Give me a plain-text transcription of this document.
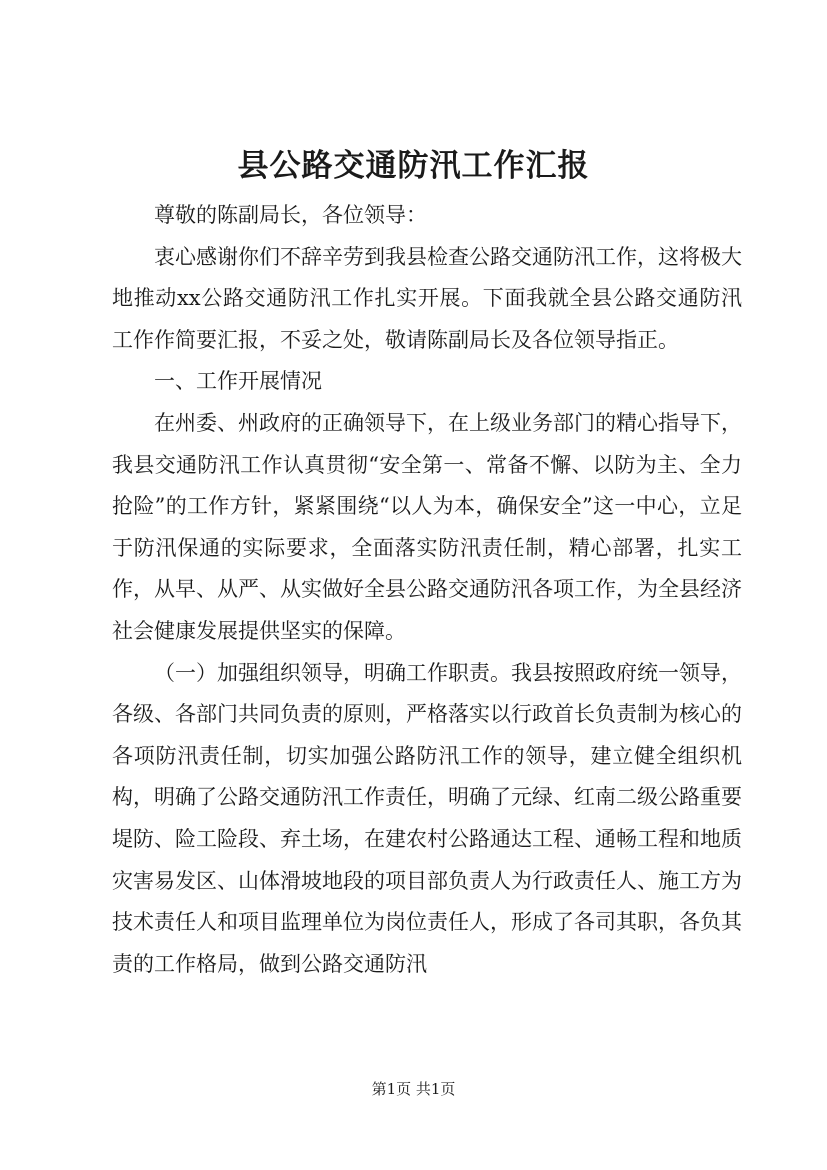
县公路交通防汛工作汇报

尊敬的陈副局长，各位领导：

衷心感谢你们不辞辛劳到我县检查公路交通防汛工作，这将极大地推动xx公路交通防汛工作扎实开展。下面我就全县公路交通防汛工作作简要汇报，不妥之处，敬请陈副局长及各位领导指正。

一、工作开展情况

在州委、州政府的正确领导下，在上级业务部门的精心指导下，我县交通防汛工作认真贯彻“安全第一、常备不懈、以防为主、全力抢险”的工作方针，紧紧围绕“以人为本，确保安全”这一中心，立足于防汛保通的实际要求，全面落实防汛责任制，精心部署，扎实工作，从早、从严、从实做好全县公路交通防汛各项工作，为全县经济社会健康发展提供坚实的保障。

（一）加强组织领导，明确工作职责。我县按照政府统一领导，各级、各部门共同负责的原则，严格落实以行政首长负责制为核心的各项防汛责任制，切实加强公路防汛工作的领导，建立健全组织机构，明确了公路交通防汛工作责任，明确了元绿、红南二级公路重要堤防、险工险段、弃土场，在建农村公路通达工程、通畅工程和地质灾害易发区、山体滑坡地段的项目部负责人为行政责任人、施工方为技术责任人和项目监理单位为岗位责任人，形成了各司其职，各负其责的工作格局，做到公路交通防汛

第1页 共1页
